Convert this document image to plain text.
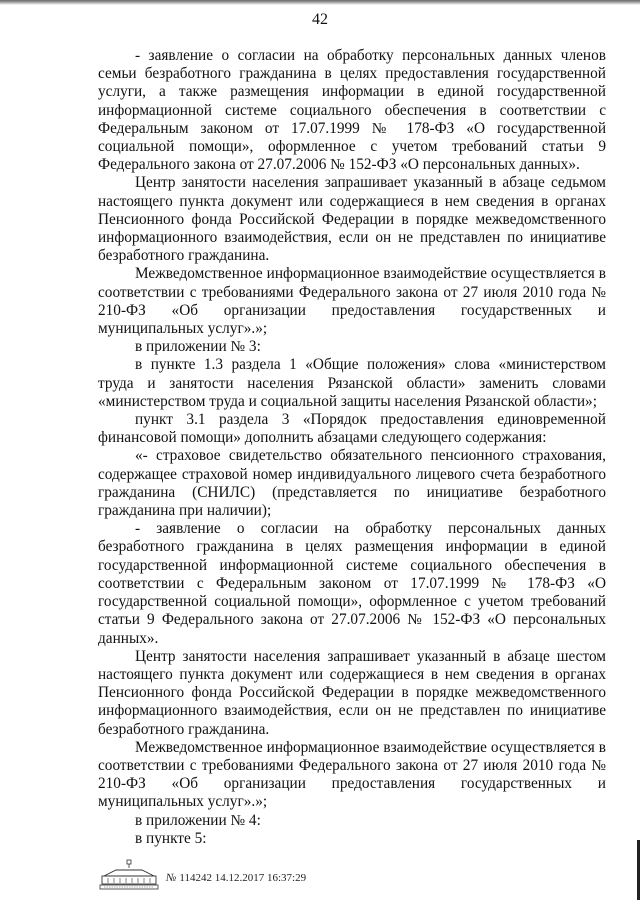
42

- заявление о согласии на обработку персональных данных членов семьи безработного гражданина в целях предоставления государственной услуги, а также размещения информации в единой государственной информационной системе социального обеспечения в соответствии с Федеральным законом от 17.07.1999 № 178-ФЗ «О государственной социальной помощи», оформленное с учетом требований статьи 9 Федерального закона от 27.07.2006 № 152-ФЗ «О персональных данных».

Центр занятости населения запрашивает указанный в абзаце седьмом настоящего пункта документ или содержащиеся в нем сведения в органах Пенсионного фонда Российской Федерации в порядке межведомственного информационного взаимодействия, если он не представлен по инициативе безработного гражданина.

Межведомственное информационное взаимодействие осуществляется в соответствии с требованиями Федерального закона от 27 июля 2010 года № 210-ФЗ «Об организации предоставления государственных и муниципальных услуг».»;

в приложении № 3:

в пункте 1.3 раздела 1 «Общие положения» слова «министерством труда и занятости населения Рязанской области» заменить словами «министерством труда и социальной защиты населения Рязанской области»;

пункт 3.1 раздела 3 «Порядок предоставления единовременной финансовой помощи» дополнить абзацами следующего содержания:

«- страховое свидетельство обязательного пенсионного страхования, содержащее страховой номер индивидуального лицевого счета безработного гражданина (СНИЛС) (представляется по инициативе безработного гражданина при наличии);

- заявление о согласии на обработку персональных данных безработного гражданина в целях размещения информации в единой государственной информационной системе социального обеспечения в соответствии с Федеральным законом от 17.07.1999 № 178-ФЗ «О государственной социальной помощи», оформленное с учетом требований статьи 9 Федерального закона от 27.07.2006 № 152-ФЗ «О персональных данных».

Центр занятости населения запрашивает указанный в абзаце шестом настоящего пункта документ или содержащиеся в нем сведения в органах Пенсионного фонда Российской Федерации в порядке межведомственного информационного взаимодействия, если он не представлен по инициативе безработного гражданина.

Межведомственное информационное взаимодействие осуществляется в соответствии с требованиями Федерального закона от 27 июля 2010 года № 210-ФЗ «Об организации предоставления государственных и муниципальных услуг».»;

в приложении № 4:

в пункте 5:

№ 114242 14.12.2017 16:37:29
